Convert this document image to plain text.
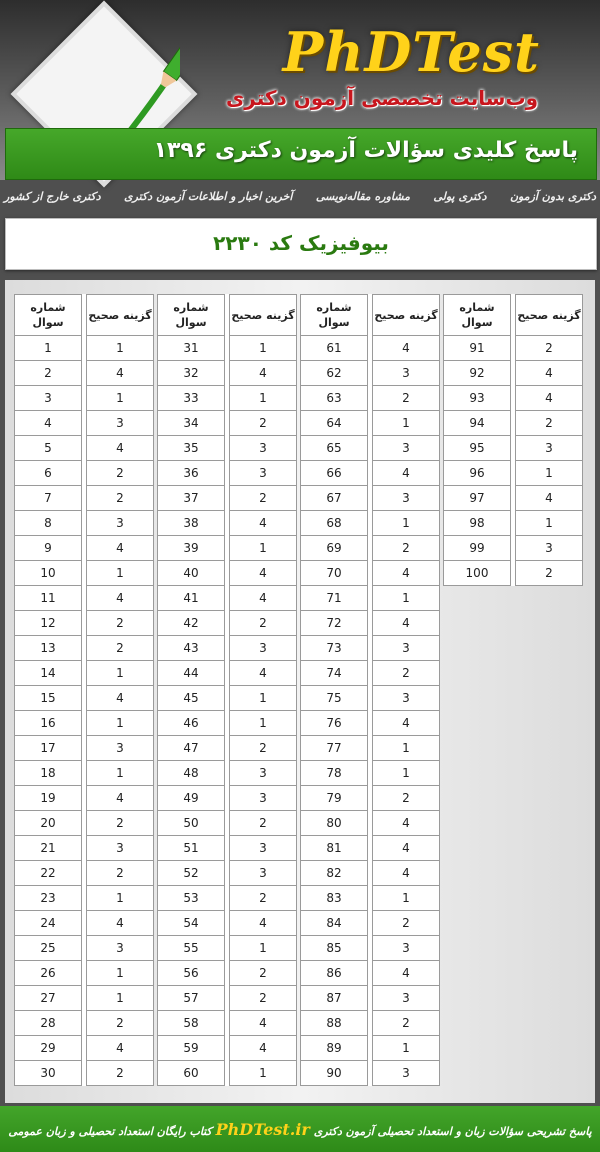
PhDTest
وب‌سایت تخصصی آزمون دکتری
پاسخ کلیدی سؤالات آزمون دکتری ۱۳۹۶
دکتری بدون آزمون
دکتری پولی
مشاوره مقاله‌نویسی
آخرین اخبار و اطلاعات آزمون دکتری
دکتری خارج از کشور
بیوفیزیک کد ۲۲۳۰
شماره سوال		گزینه صحیح
1		1
2		4
3		1
4		3
5		4
6		2
7		2
8		3
9		4
10		1
11		4
12		2
13		2
14		1
15		4
16		1
17		3
18		1
19		4
20		2
21		3
22		2
23		1
24		4
25		3
26		1
27		1
28		2
29		4
30		2
شماره سوال		گزینه صحیح
31		1
32		4
33		1
34		2
35		3
36		3
37		2
38		4
39		1
40		4
41		4
42		2
43		3
44		4
45		1
46		1
47		2
48		3
49		3
50		2
51		3
52		3
53		2
54		4
55		1
56		2
57		2
58		4
59		4
60		1
شماره سوال		گزینه صحیح
61		4
62		3
63		2
64		1
65		3
66		4
67		3
68		1
69		2
70		4
71		1
72		4
73		3
74		2
75		3
76		4
77		1
78		1
79		2
80		4
81		4
82		4
83		1
84		2
85		3
86		4
87		3
88		2
89		1
90		3
شماره سوال		گزینه صحیح
91		2
92		4
93		4
94		2
95		3
96		1
97		4
98		1
99		3
100		2
پاسخ تشریحی سؤالات زبان و استعداد تحصیلی آزمون دکتری PhDTest.ir کتاب رایگان استعداد تحصیلی و زبان عمومی
